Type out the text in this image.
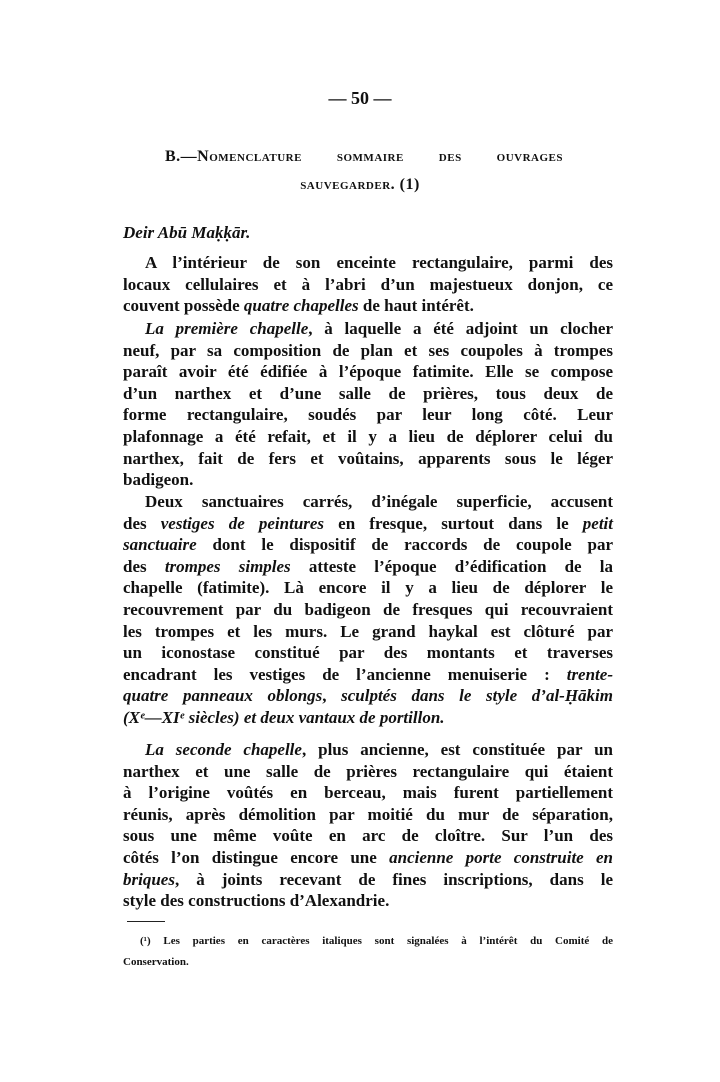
— 50 —
B.—Nomenclature sommaire des ouvrages
sauvegarder. (1)
Deir Abū Maḳḳār.
A l’intérieur de son enceinte rectangulaire, parmi des
locaux cellulaires et à l’abri d’un majestueux donjon, ce
couvent possède quatre chapelles de haut intérêt.
La première chapelle, à laquelle a été adjoint un clocher
neuf, par sa composition de plan et ses coupoles à trompes
paraît avoir été édifiée à l’époque fatimite. Elle se compose
d’un narthex et d’une salle de prières, tous deux de
forme rectangulaire, soudés par leur long côté. Leur
plafonnage a été refait, et il y a lieu de déplorer celui du
narthex, fait de fers et voûtains, apparents sous le léger
badigeon.
Deux sanctuaires carrés, d’inégale superficie, accusent
des vestiges de peintures en fresque, surtout dans le petit
sanctuaire dont le dispositif de raccords de coupole par
des trompes simples atteste l’époque d’édification de la
chapelle (fatimite). Là encore il y a lieu de déplorer le
recouvrement par du badigeon de fresques qui recouvraient
les trompes et les murs. Le grand haykal est clôturé par
un iconostase constitué par des montants et traverses
encadrant les vestiges de l’ancienne menuiserie : trente-
quatre panneaux oblongs, sculptés dans le style d’al-Ḥākim
(Xᵉ—XIᵉ siècles) et deux vantaux de portillon.
La seconde chapelle, plus ancienne, est constituée par un
narthex et une salle de prières rectangulaire qui étaient
à l’origine voûtés en berceau, mais furent partiellement
réunis, après démolition par moitié du mur de séparation,
sous une même voûte en arc de cloître. Sur l’un des
côtés l’on distingue encore une ancienne porte construite en
briques, à joints recevant de fines inscriptions, dans le
style des constructions d’Alexandrie.
(¹) Les parties en caractères italiques sont signalées à l’intérêt du Comité de
Conservation.
